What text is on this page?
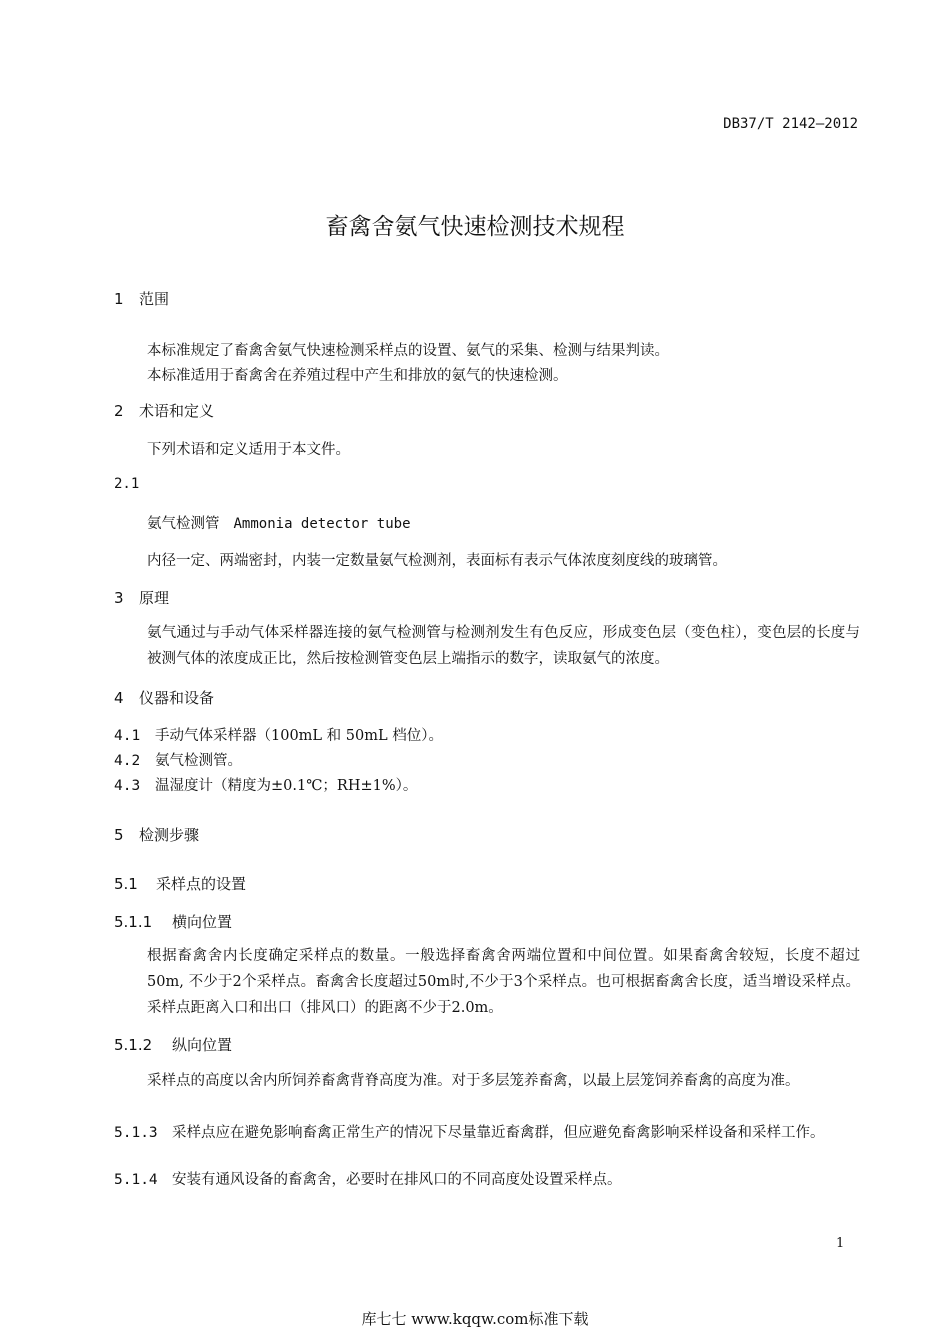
DB37/T 2142—2012
畜禽舍氨气快速检测技术规程
1 范围
本标准规定了畜禽舍氨气快速检测采样点的设置、氨气的采集、检测与结果判读。
本标准适用于畜禽舍在养殖过程中产生和排放的氨气的快速检测。
2 术语和定义
下列术语和定义适用于本文件。
2.1
氨气检测管 Ammonia detector tube
内径一定、两端密封，内装一定数量氨气检测剂，表面标有表示气体浓度刻度线的玻璃管。
3 原理
氨气通过与手动气体采样器连接的氨气检测管与检测剂发生有色反应，形成变色层（变色柱），变色层的长度与被测气体的浓度成正比，然后按检测管变色层上端指示的数字，读取氨气的浓度。
4 仪器和设备
4.1 手动气体采样器（100mL 和 50mL 档位）。
4.2 氨气检测管。
4.3 温湿度计（精度为±0.1℃；RH±1%）。
5 检测步骤
5.1 采样点的设置
5.1.1 横向位置
根据畜禽舍内长度确定采样点的数量。一般选择畜禽舍两端位置和中间位置。如果畜禽舍较短，长度不超过50m, 不少于2个采样点。畜禽舍长度超过50m时,不少于3个采样点。也可根据畜禽舍长度，适当增设采样点。采样点距离入口和出口（排风口）的距离不少于2.0m。
5.1.2 纵向位置
采样点的高度以舍内所饲养畜禽背脊高度为准。对于多层笼养畜禽，以最上层笼饲养畜禽的高度为准。
5.1.3 采样点应在避免影响畜禽正常生产的情况下尽量靠近畜禽群，但应避免畜禽影响采样设备和采样工作。
5.1.4 安装有通风设备的畜禽舍，必要时在排风口的不同高度处设置采样点。
1
库七七 www.kqqw.com标准下载
